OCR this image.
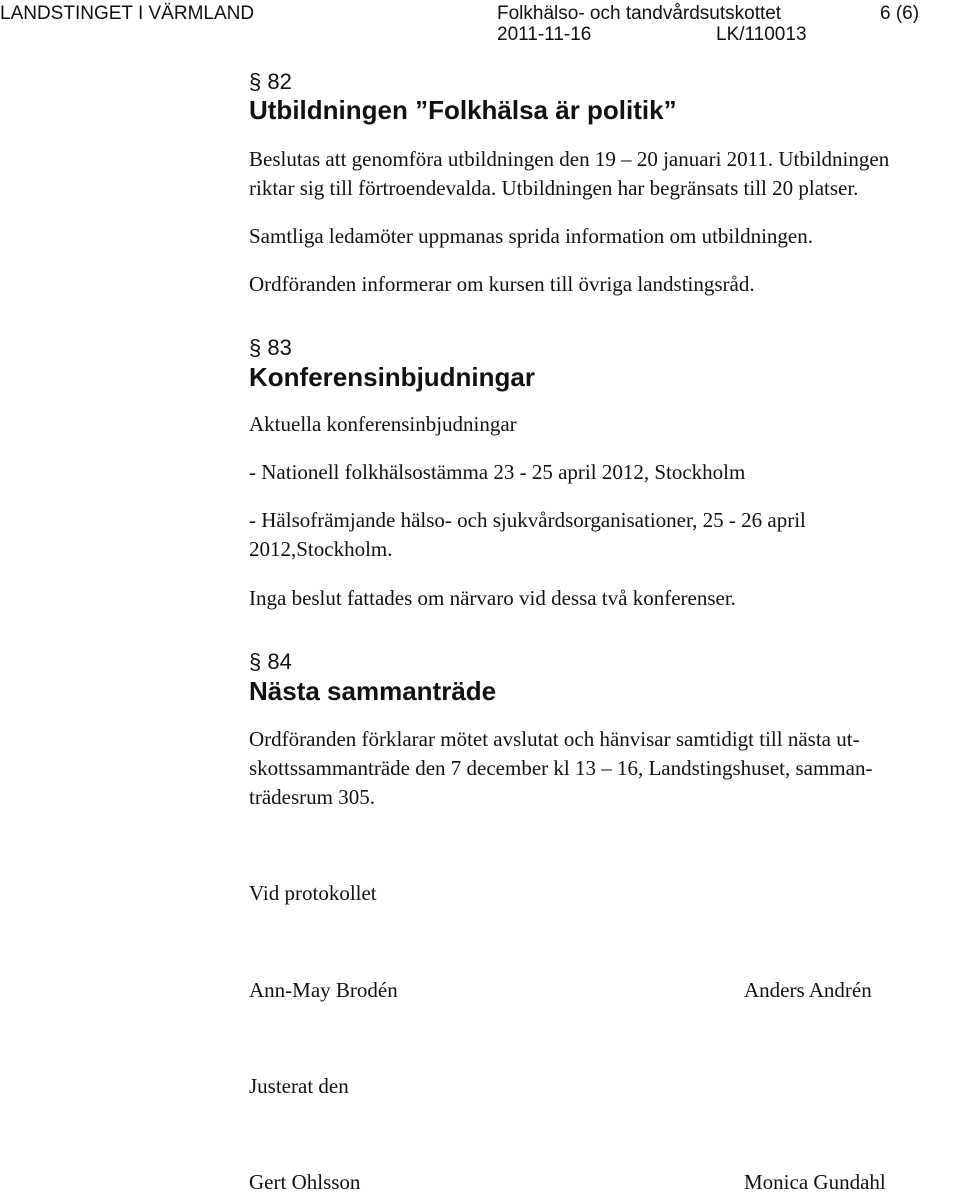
LANDSTINGET I VÄRMLAND	Folkhälso- och tandvårdsutskottet	6 (6)
2011-11-16	LK/110013
§ 82
Utbildningen ”Folkhälsa är politik”
Beslutas att genomföra utbildningen den 19 – 20 januari 2011. Utbildningen
riktar sig till förtroendevalda. Utbildningen har begränsats till 20 platser.
Samtliga ledamöter uppmanas sprida information om utbildningen.
Ordföranden informerar om kursen till övriga landstingsråd.
§ 83
Konferensinbjudningar
Aktuella konferensinbjudningar
- Nationell folkhälsostämma 23 - 25 april 2012, Stockholm
- Hälsofrämjande hälso- och sjukvårdsorganisationer, 25 - 26 april
2012,Stockholm.
Inga beslut fattades om närvaro vid dessa två konferenser.
§ 84
Nästa sammanträde
Ordföranden förklarar mötet avslutat och hänvisar samtidigt till nästa ut-
skottssammanträde den 7 december kl 13 – 16, Landstingshuset, samman-
trädesrum 305.
Vid protokollet
Ann-May Brodén	Anders Andrén
Justerat den
Gert Ohlsson	Monica Gundahl
